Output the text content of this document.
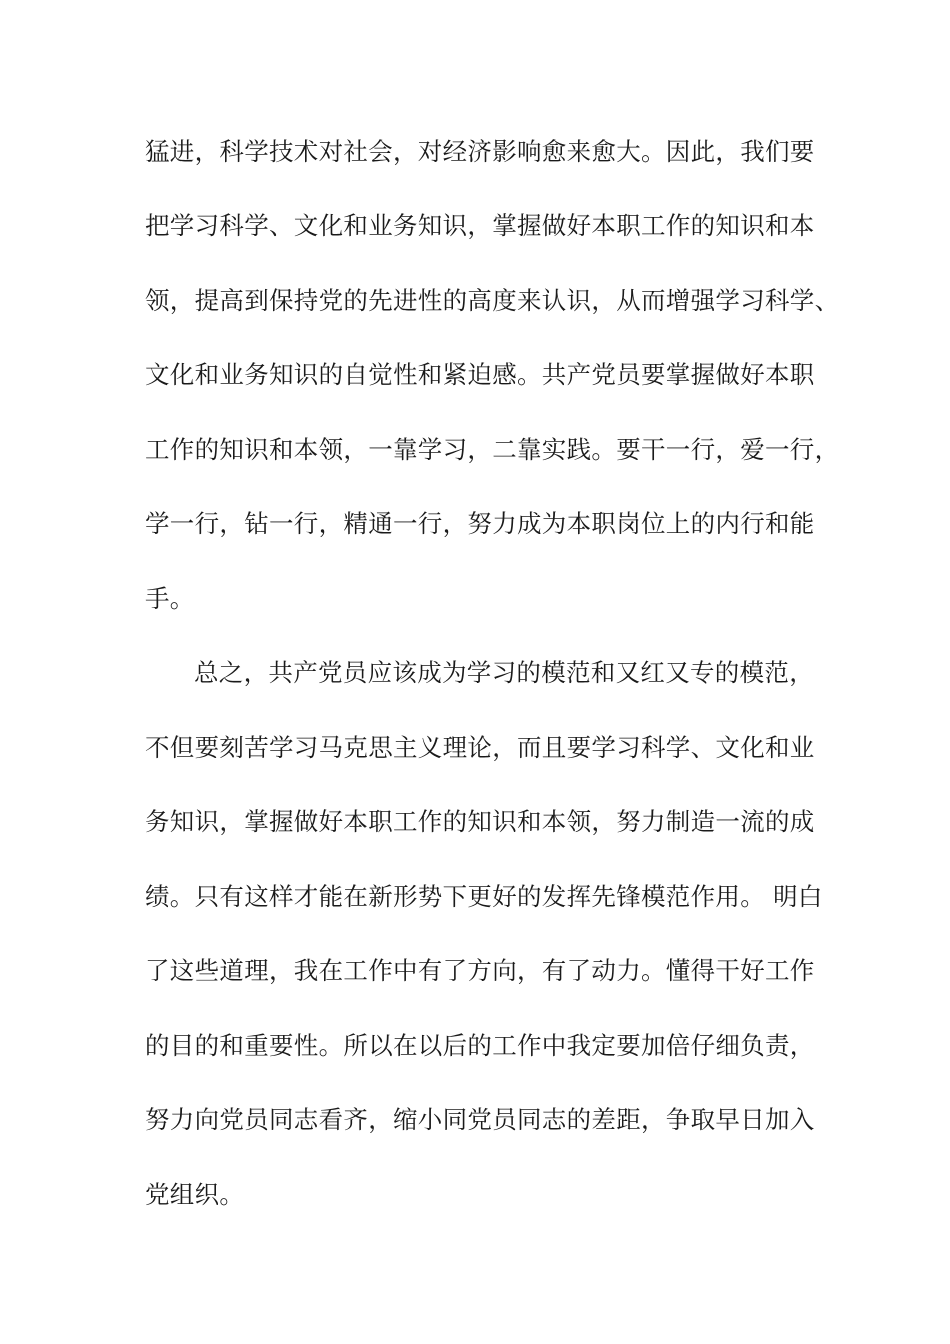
猛进，科学技术对社会，对经济影响愈来愈大。因此，我们要
把学习科学、文化和业务知识，掌握做好本职工作的知识和本
领，提高到保持党的先进性的高度来认识，从而增强学习科学、
文化和业务知识的自觉性和紧迫感。共产党员要掌握做好本职
工作的知识和本领，一靠学习，二靠实践。要干一行，爱一行，
学一行，钻一行，精通一行，努力成为本职岗位上的内行和能
手。
总之，共产党员应该成为学习的模范和又红又专的模范，
不但要刻苦学习马克思主义理论，而且要学习科学、文化和业
务知识，掌握做好本职工作的知识和本领，努力制造一流的成
绩。只有这样才能在新形势下更好的发挥先锋模范作用。 明白
了这些道理，我在工作中有了方向，有了动力。懂得干好工作
的目的和重要性。所以在以后的工作中我定要加倍仔细负责，
努力向党员同志看齐，缩小同党员同志的差距，争取早日加入
党组织。
